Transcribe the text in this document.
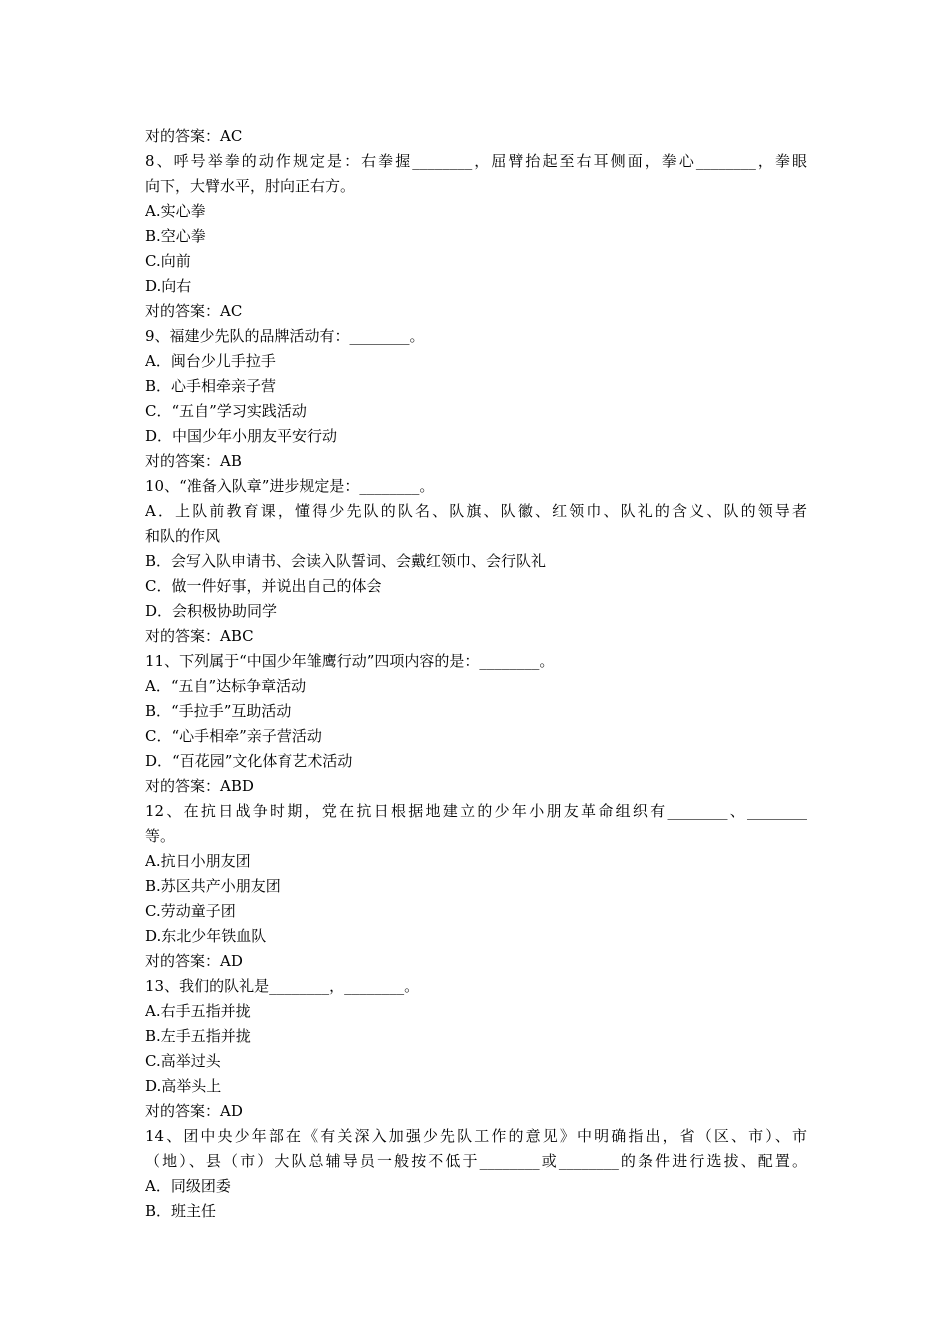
对的答案：AC
8、呼号举拳的动作规定是：右拳握________，屈臂抬起至右耳侧面，拳心________，拳眼
向下，大臂水平，肘向正右方。
A.实心拳
B.空心拳
C.向前
D.向右
对的答案：AC
9、福建少先队的品牌活动有：________。
A．闽台少儿手拉手
B．心手相牵亲子营
C．“五自”学习实践活动
D．中国少年小朋友平安行动
对的答案：AB
10、“准备入队章”进步规定是：________。
A．上队前教育课，懂得少先队的队名、队旗、队徽、红领巾、队礼的含义、队的领导者
和队的作风
B．会写入队申请书、会读入队誓词、会戴红领巾、会行队礼
C．做一件好事，并说出自己的体会
D．会积极协助同学
对的答案：ABC
11、下列属于“中国少年雏鹰行动”四项内容的是：________。
A．“五自”达标争章活动
B．“手拉手”互助活动
C．“心手相牵”亲子营活动
D．“百花园”文化体育艺术活动
对的答案：ABD
12、在抗日战争时期，党在抗日根据地建立的少年小朋友革命组织有________、________
等。
A.抗日小朋友团
B.苏区共产小朋友团
C.劳动童子团
D.东北少年铁血队
对的答案：AD
13、我们的队礼是________，________。
A.右手五指并拢
B.左手五指并拢
C.高举过头
D.高举头上
对的答案：AD
14、团中央少年部在《有关深入加强少先队工作的意见》中明确指出，省（区、市）、市
（地）、县（市）大队总辅导员一般按不低于________或________的条件进行选拔、配置。
A．同级团委
B．班主任
